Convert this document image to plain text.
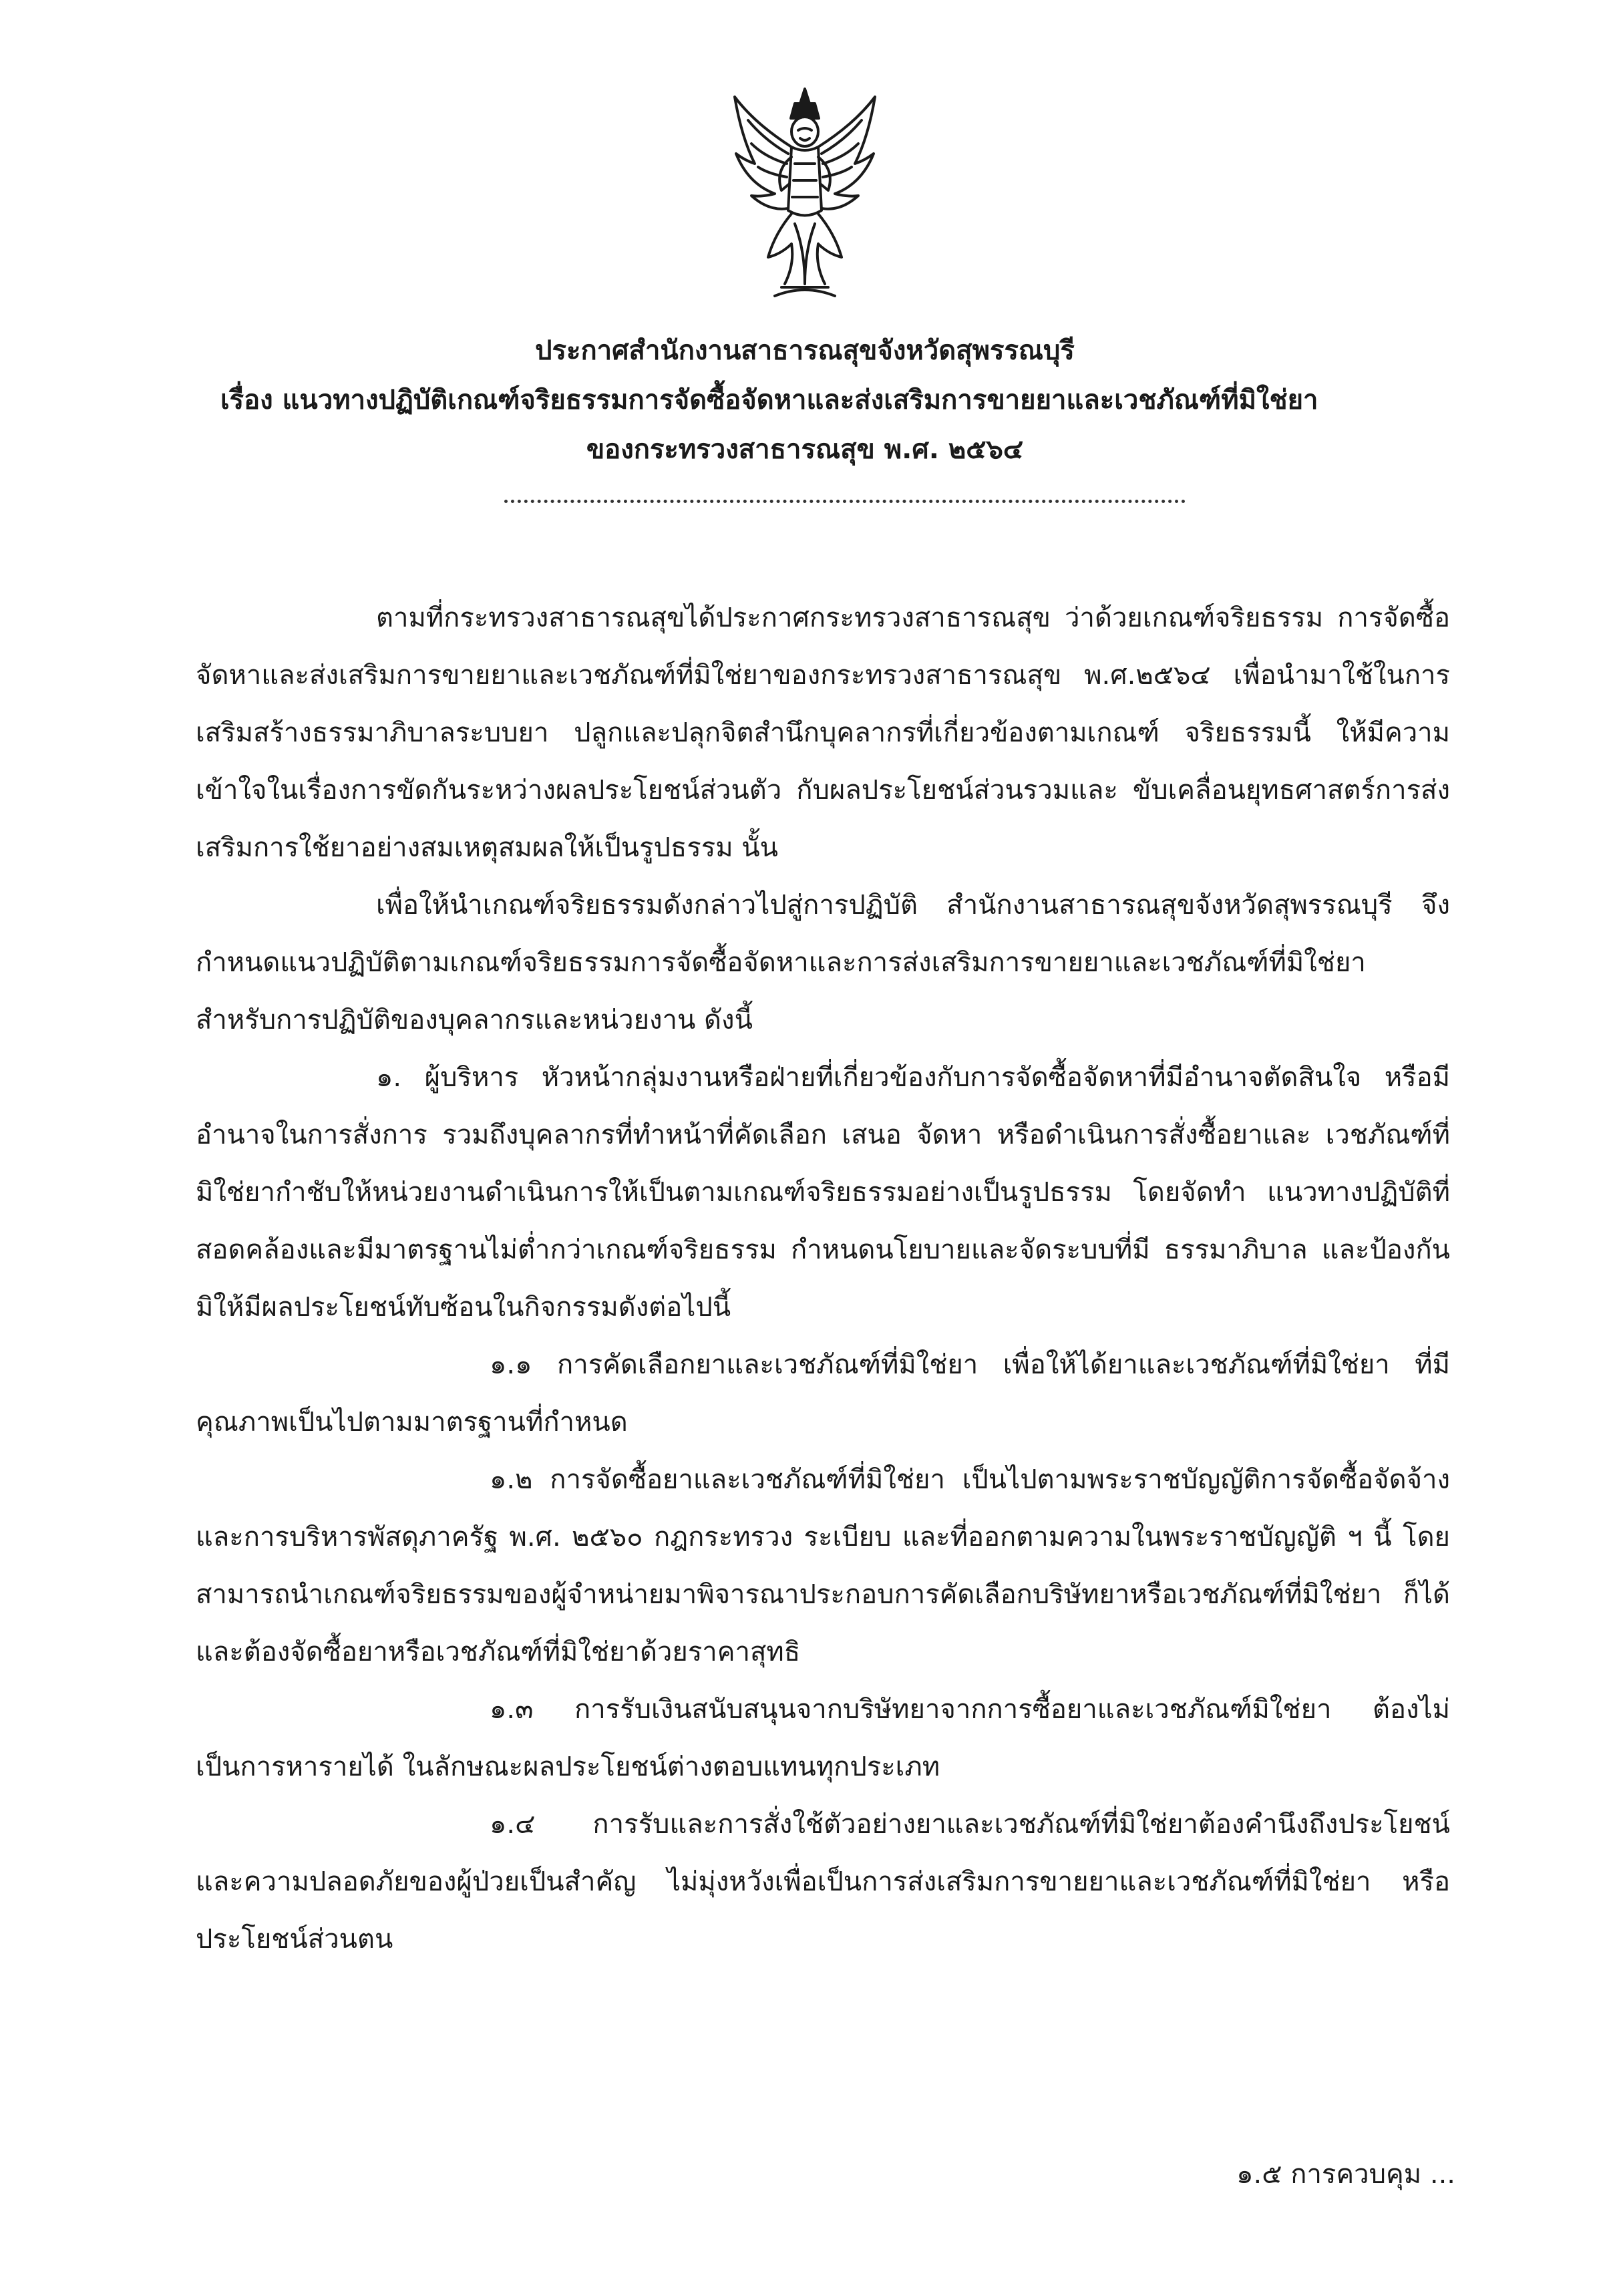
ประกาศสำนักงานสาธารณสุขจังหวัดสุพรรณบุรี
เรื่อง แนวทางปฏิบัติเกณฑ์จริยธรรมการจัดซื้อจัดหาและส่งเสริมการขายยาและเวชภัณฑ์ที่มิใช่ยา
ของกระทรวงสาธารณสุข พ.ศ. ๒๕๖๔

ตามที่กระทรวงสาธารณสุขได้ประกาศกระทรวงสาธารณสุข ว่าด้วยเกณฑ์จริยธรรม การจัดซื้อจัดหาและส่งเสริมการขายยาและเวชภัณฑ์ที่มิใช่ยาของกระทรวงสาธารณสุข พ.ศ.๒๕๖๔ เพื่อนำมาใช้ในการเสริมสร้างธรรมาภิบาลระบบยา ปลูกและปลุกจิตสำนึกบุคลากรที่เกี่ยวข้องตามเกณฑ์ จริยธรรมนี้ ให้มีความเข้าใจในเรื่องการขัดกันระหว่างผลประโยชน์ส่วนตัว กับผลประโยชน์ส่วนรวมและ ขับเคลื่อนยุทธศาสตร์การส่งเสริมการใช้ยาอย่างสมเหตุสมผลให้เป็นรูปธรรม นั้น

เพื่อให้นำเกณฑ์จริยธรรมดังกล่าวไปสู่การปฏิบัติ สำนักงานสาธารณสุขจังหวัดสุพรรณบุรี จึงกำหนดแนวปฏิบัติตามเกณฑ์จริยธรรมการจัดซื้อจัดหาและการส่งเสริมการขายยาและเวชภัณฑ์ที่มิใช่ยา สำหรับการปฏิบัติของบุคลากรและหน่วยงาน ดังนี้

๑. ผู้บริหาร หัวหน้ากลุ่มงานหรือฝ่ายที่เกี่ยวข้องกับการจัดซื้อจัดหาที่มีอำนาจตัดสินใจ หรือมีอำนาจในการสั่งการ รวมถึงบุคลากรที่ทำหน้าที่คัดเลือก เสนอ จัดหา หรือดำเนินการสั่งซื้อยาและ เวชภัณฑ์ที่มิใช่ยากำชับให้หน่วยงานดำเนินการให้เป็นตามเกณฑ์จริยธรรมอย่างเป็นรูปธรรม โดยจัดทำ แนวทางปฏิบัติที่สอดคล้องและมีมาตรฐานไม่ต่ำกว่าเกณฑ์จริยธรรม กำหนดนโยบายและจัดระบบที่มี ธรรมาภิบาล และป้องกันมิให้มีผลประโยชน์ทับซ้อนในกิจกรรมดังต่อไปนี้

๑.๑ การคัดเลือกยาและเวชภัณฑ์ที่มิใช่ยา เพื่อให้ได้ยาและเวชภัณฑ์ที่มิใช่ยา ที่มีคุณภาพเป็นไปตามมาตรฐานที่กำหนด

๑.๒ การจัดซื้อยาและเวชภัณฑ์ที่มิใช่ยา เป็นไปตามพระราชบัญญัติการจัดซื้อจัดจ้าง และการบริหารพัสดุภาครัฐ พ.ศ. ๒๕๖๐ กฎกระทรวง ระเบียบ และที่ออกตามความในพระราชบัญญัติ ฯ นี้ โดยสามารถนำเกณฑ์จริยธรรมของผู้จำหน่ายมาพิจารณาประกอบการคัดเลือกบริษัทยาหรือเวชภัณฑ์ที่มิใช่ยา ก็ได้ และต้องจัดซื้อยาหรือเวชภัณฑ์ที่มิใช่ยาด้วยราคาสุทธิ

๑.๓ การรับเงินสนับสนุนจากบริษัทยาจากการซื้อยาและเวชภัณฑ์มิใช่ยา ต้องไม่เป็นการหารายได้ ในลักษณะผลประโยชน์ต่างตอบแทนทุกประเภท

๑.๔ การรับและการสั่งใช้ตัวอย่างยาและเวชภัณฑ์ที่มิใช่ยาต้องคำนึงถึงประโยชน์ และความปลอดภัยของผู้ป่วยเป็นสำคัญ ไม่มุ่งหวังเพื่อเป็นการส่งเสริมการขายยาและเวชภัณฑ์ที่มิใช่ยา หรือประโยชน์ส่วนตน

๑.๕ การควบคุม ...
